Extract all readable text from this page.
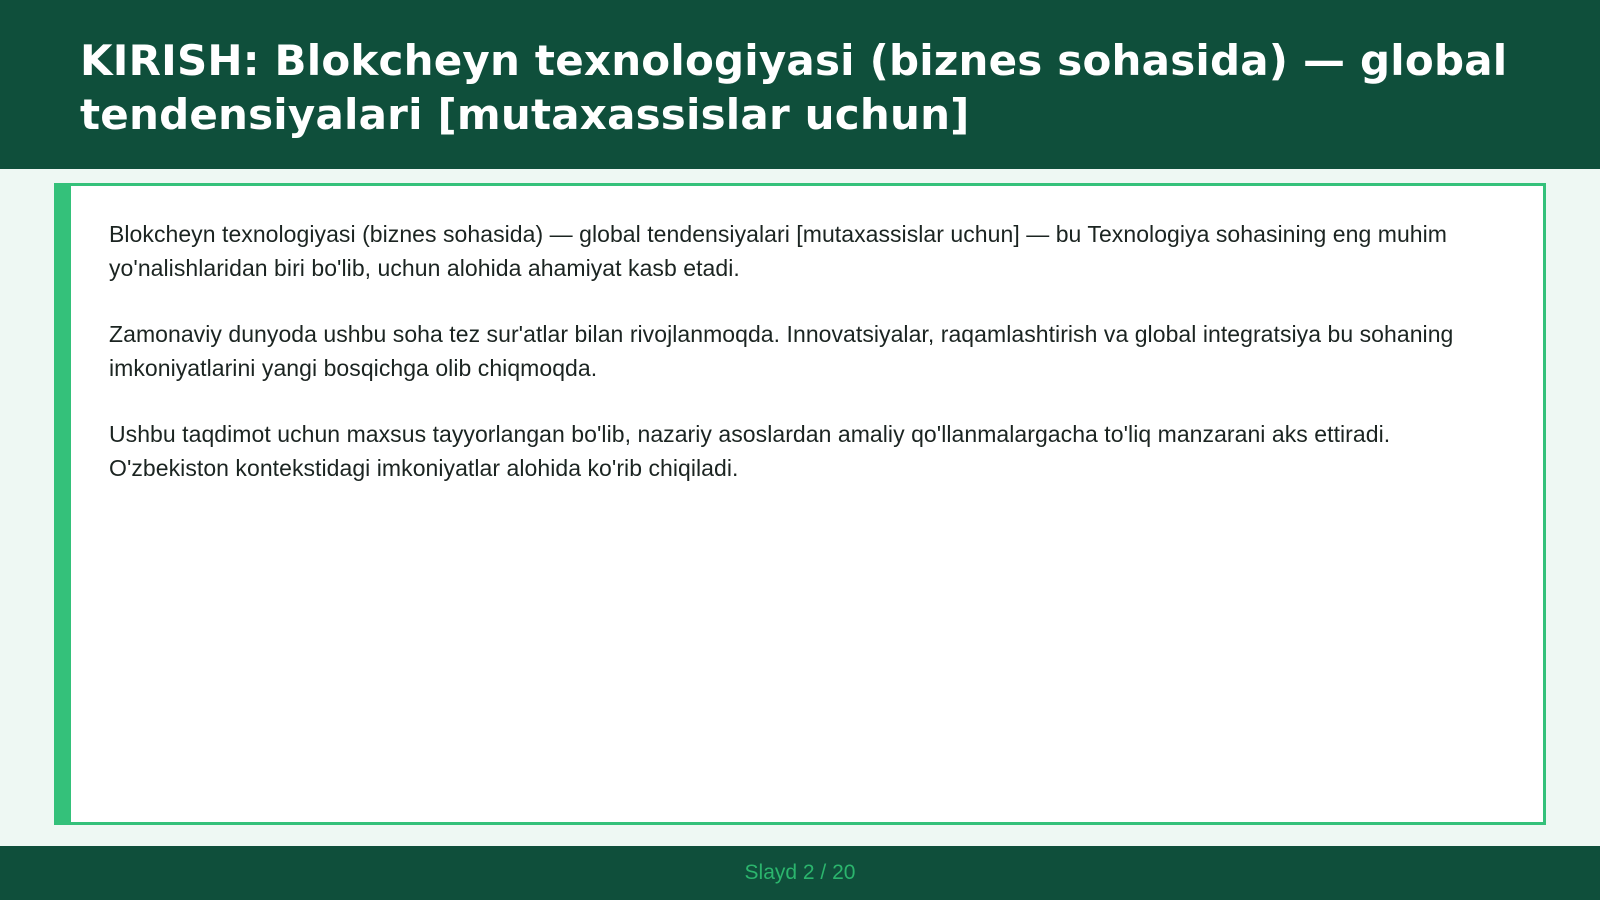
KIRISH: Blokcheyn texnologiyasi (biznes sohasida) — global tendensiyalari [mutaxassislar uchun]

Blokcheyn texnologiyasi (biznes sohasida) — global tendensiyalari [mutaxassislar uchun] — bu Texnologiya sohasining eng muhim yo'nalishlaridan biri bo'lib, uchun alohida ahamiyat kasb etadi.

Zamonaviy dunyoda ushbu soha tez sur'atlar bilan rivojlanmoqda. Innovatsiyalar, raqamlashtirish va global integratsiya bu sohaning imkoniyatlarini yangi bosqichga olib chiqmoqda.

Ushbu taqdimot uchun maxsus tayyorlangan bo'lib, nazariy asoslardan amaliy qo'llanmalargacha to'liq manzarani aks ettiradi. O'zbekiston kontekstidagi imkoniyatlar alohida ko'rib chiqiladi.

Slayd 2 / 20
